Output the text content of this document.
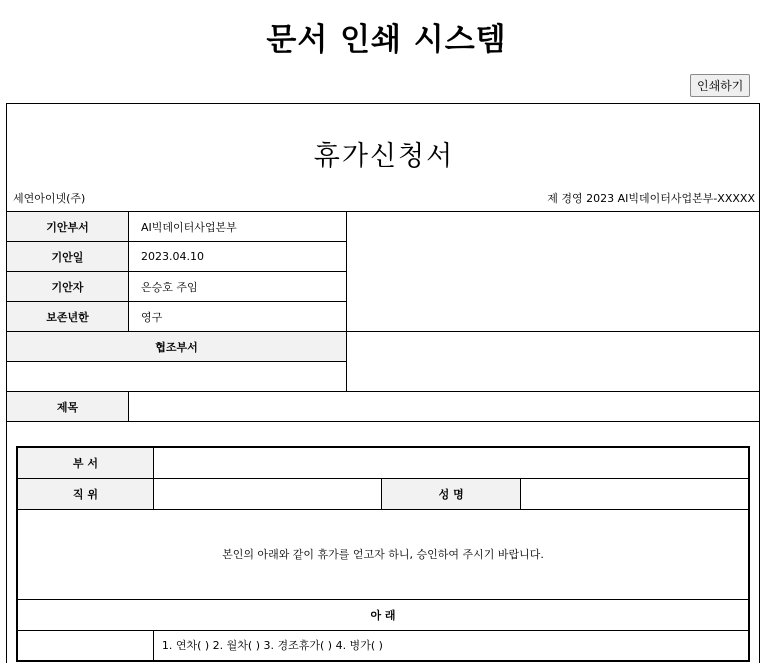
문서 인쇄 시스템
인쇄하기
휴가신청서
세연아이넷(주)	제 경영 2023 AI빅데이터사업본부-XXXXX
기안부서	AI빅데이터사업본부	
기안일	2023.04.10	
기안자	은승호 주임	
보존년한	영구	
협조부서		

제목		
부 서			
직 위		성 명	
본인의 아래와 같이 휴가를 얻고자 하니, 승인하여 주시기 바랍니다.			
아 래			
	1. 연차( ) 2. 월차( ) 3. 경조휴가( ) 4. 병가( )		
